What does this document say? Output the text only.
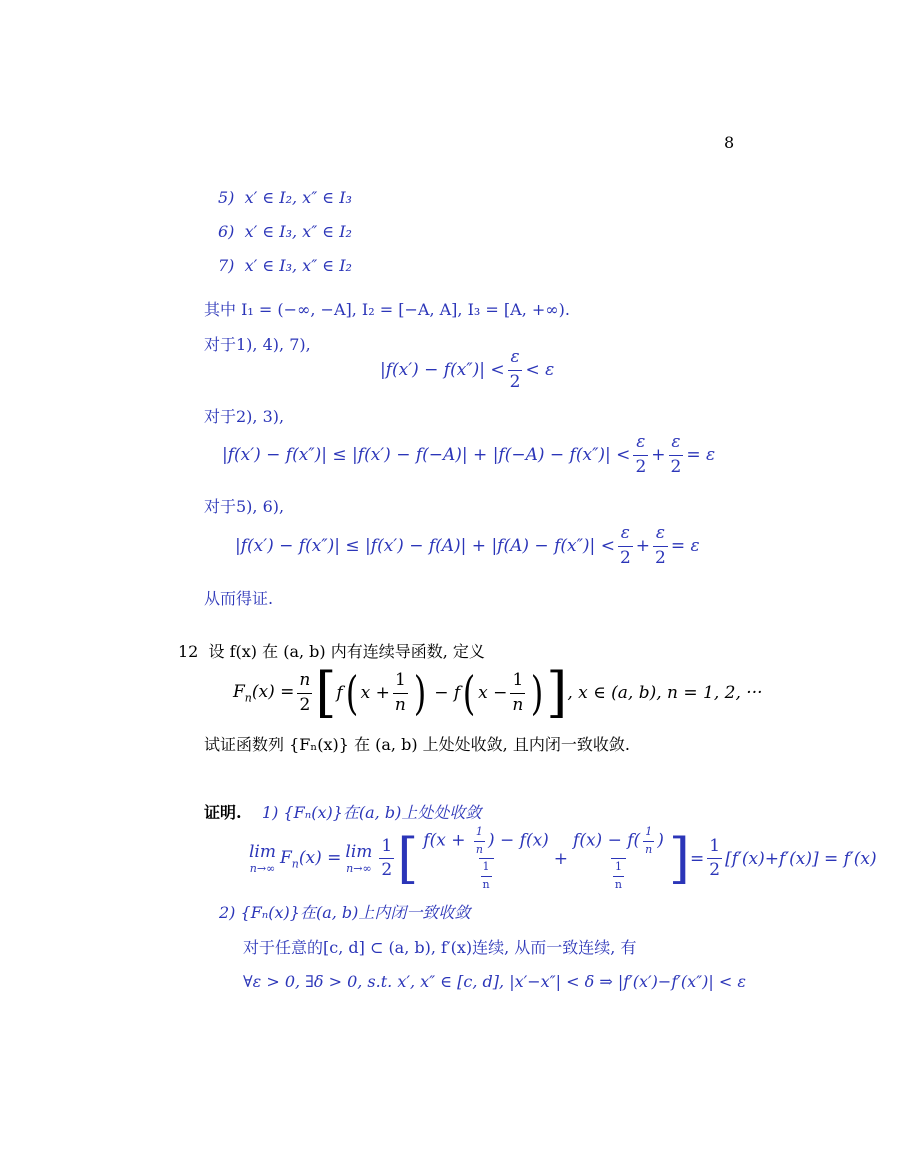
8
5) x′ ∈ I₂, x″ ∈ I₃
6) x′ ∈ I₃, x″ ∈ I₂
7) x′ ∈ I₃, x″ ∈ I₂
其中 I₁ = (−∞, −A], I₂ = [−A, A], I₃ = [A, +∞).
对于1), 4), 7),
$|f(x') - f(x'')| < \frac{\varepsilon}{2} < \varepsilon$
对于2), 3),
$|f(x') - f(x'')| \le |f(x') - f(-A)| + |f(-A) - f(x'')| < \frac{\varepsilon}{2} + \frac{\varepsilon}{2} = \varepsilon$
对于5), 6),
$|f(x') - f(x'')| \le |f(x') - f(A)| + |f(A) - f(x'')| < \frac{\varepsilon}{2} + \frac{\varepsilon}{2} = \varepsilon$
从而得证.
12 设 f(x) 在 (a, b) 内有连续导函数, 定义
$F_n(x) = \frac{n}{2}$ [ f ( $x + \frac{1}{n}$ ) − f ( $x - \frac{1}{n}$ ) ] , x ∈ (a, b), n = 1, 2, ···
试证函数列 {Fₙ(x)} 在 (a, b) 上处处收敛, 且内闭一致收敛.
证明. 1) {Fₙ(x)}在(a, b)上处处收敛
lim
n→∞
$F_n(x) = \lim$
$n\to\infty \frac{1}{2}$ [ $\frac{f(x + \frac{1}{n} ) - f(x)}{\frac{1}{n}} + \frac{f(x) - f( \frac{1}{n} )}{\frac{1}{n}}$ ] = $\frac{1}{2} [f'(x)+f'(x)] = f'(x)$
2) {Fₙ(x)}在(a, b)上内闭一致收敛
对于任意的[c, d] ⊂ (a, b), f′(x)连续, 从而一致连续, 有
∀ε > 0, ∃δ > 0, s.t. x′, x″ ∈ [c, d], |x′−x″| < δ ⇒ |f′(x′)−f′(x″)| < ε
